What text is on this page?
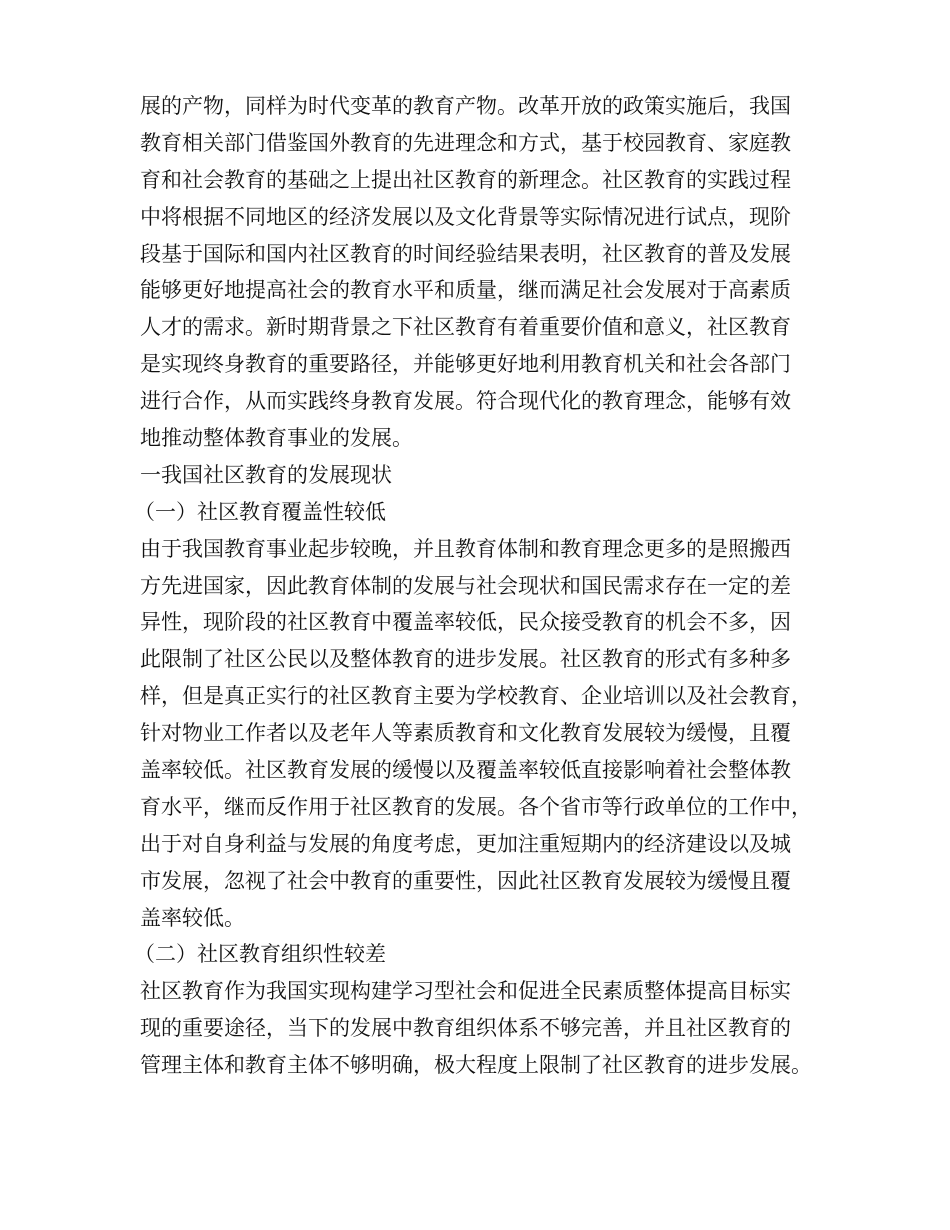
展的产物，同样为时代变革的教育产物。改革开放的政策实施后，我国
教育相关部门借鉴国外教育的先进理念和方式，基于校园教育、家庭教
育和社会教育的基础之上提出社区教育的新理念。社区教育的实践过程
中将根据不同地区的经济发展以及文化背景等实际情况进行试点，现阶
段基于国际和国内社区教育的时间经验结果表明，社区教育的普及发展
能够更好地提高社会的教育水平和质量，继而满足社会发展对于高素质
人才的需求。新时期背景之下社区教育有着重要价值和意义，社区教育
是实现终身教育的重要路径，并能够更好地利用教育机关和社会各部门
进行合作，从而实践终身教育发展。符合现代化的教育理念，能够有效
地推动整体教育事业的发展。
一我国社区教育的发展现状
（一）社区教育覆盖性较低
由于我国教育事业起步较晚，并且教育体制和教育理念更多的是照搬西
方先进国家，因此教育体制的发展与社会现状和国民需求存在一定的差
异性，现阶段的社区教育中覆盖率较低，民众接受教育的机会不多，因
此限制了社区公民以及整体教育的进步发展。社区教育的形式有多种多
样，但是真正实行的社区教育主要为学校教育、企业培训以及社会教育，
针对物业工作者以及老年人等素质教育和文化教育发展较为缓慢，且覆
盖率较低。社区教育发展的缓慢以及覆盖率较低直接影响着社会整体教
育水平，继而反作用于社区教育的发展。各个省市等行政单位的工作中，
出于对自身利益与发展的角度考虑，更加注重短期内的经济建设以及城
市发展，忽视了社会中教育的重要性，因此社区教育发展较为缓慢且覆
盖率较低。
（二）社区教育组织性较差
社区教育作为我国实现构建学习型社会和促进全民素质整体提高目标实
现的重要途径，当下的发展中教育组织体系不够完善，并且社区教育的
管理主体和教育主体不够明确，极大程度上限制了社区教育的进步发展。
